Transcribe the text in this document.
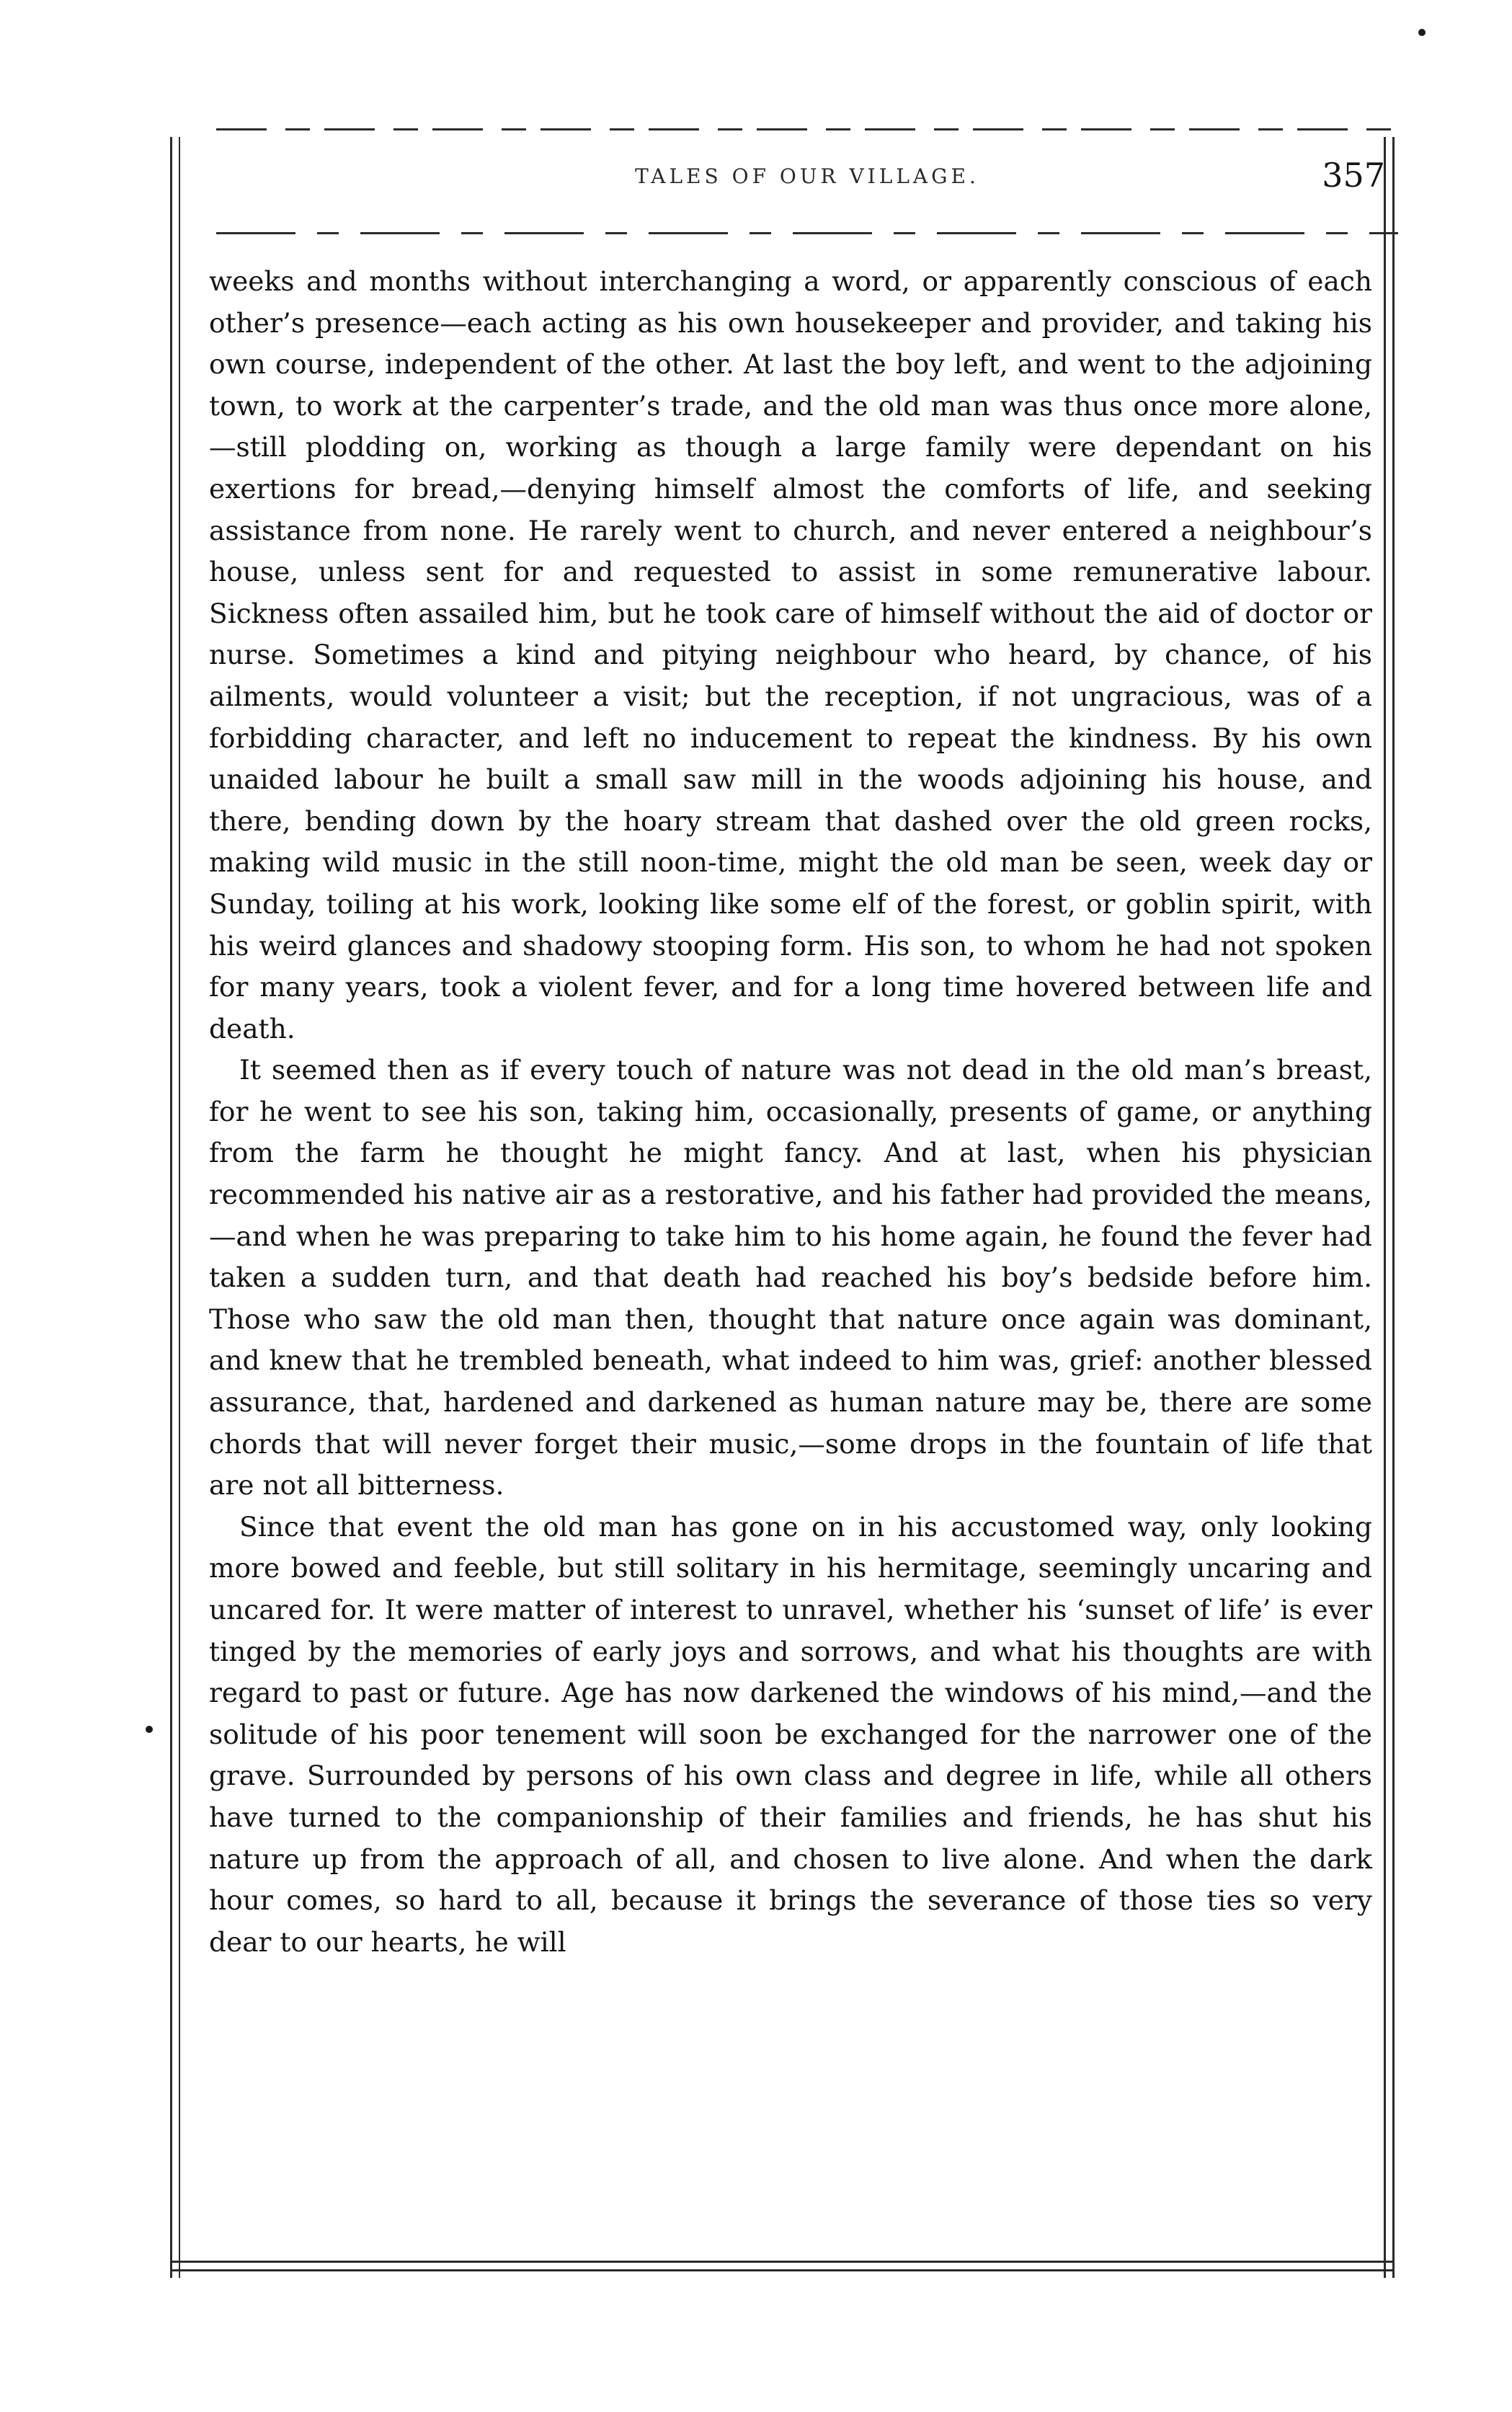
TALES OF OUR VILLAGE.	357

weeks and months without interchanging a word, or apparently conscious of each other’s presence—each acting as his own housekeeper and provider, and taking his own course, independent of the other. At last the boy left, and went to the adjoining town, to work at the carpenter’s trade, and the old man was thus once more alone,—still plodding on, working as though a large family were dependant on his exertions for bread,—denying himself almost the comforts of life, and seeking assistance from none. He rarely went to church, and never entered a neighbour’s house, unless sent for and requested to assist in some remunerative labour. Sickness often assailed him, but he took care of himself without the aid of doctor or nurse. Sometimes a kind and pitying neighbour who heard, by chance, of his ailments, would volunteer a visit; but the reception, if not ungracious, was of a forbidding character, and left no inducement to repeat the kindness. By his own unaided labour he built a small saw mill in the woods adjoining his house, and there, bending down by the hoary stream that dashed over the old green rocks, making wild music in the still noon-time, might the old man be seen, week day or Sunday, toiling at his work, looking like some elf of the forest, or goblin spirit, with his weird glances and shadowy stooping form. His son, to whom he had not spoken for many years, took a violent fever, and for a long time hovered between life and death.

It seemed then as if every touch of nature was not dead in the old man’s breast, for he went to see his son, taking him, occasionally, presents of game, or anything from the farm he thought he might fancy. And at last, when his physician recommended his native air as a restorative, and his father had provided the means,—and when he was preparing to take him to his home again, he found the fever had taken a sudden turn, and that death had reached his boy’s bedside before him. Those who saw the old man then, thought that nature once again was dominant, and knew that he trembled beneath, what indeed to him was, grief: another blessed assurance, that, hardened and darkened as human nature may be, there are some chords that will never forget their music,—some drops in the fountain of life that are not all bitterness.

Since that event the old man has gone on in his accustomed way, only looking more bowed and feeble, but still solitary in his hermitage, seemingly uncaring and uncared for. It were matter of interest to unravel, whether his ‘sunset of life’ is ever tinged by the memories of early joys and sorrows, and what his thoughts are with regard to past or future. Age has now darkened the windows of his mind,—and the solitude of his poor tenement will soon be exchanged for the narrower one of the grave. Surrounded by persons of his own class and degree in life, while all others have turned to the companionship of their families and friends, he has shut his nature up from the approach of all, and chosen to live alone. And when the dark hour comes, so hard to all, because it brings the severance of those ties so very dear to our hearts, he will
